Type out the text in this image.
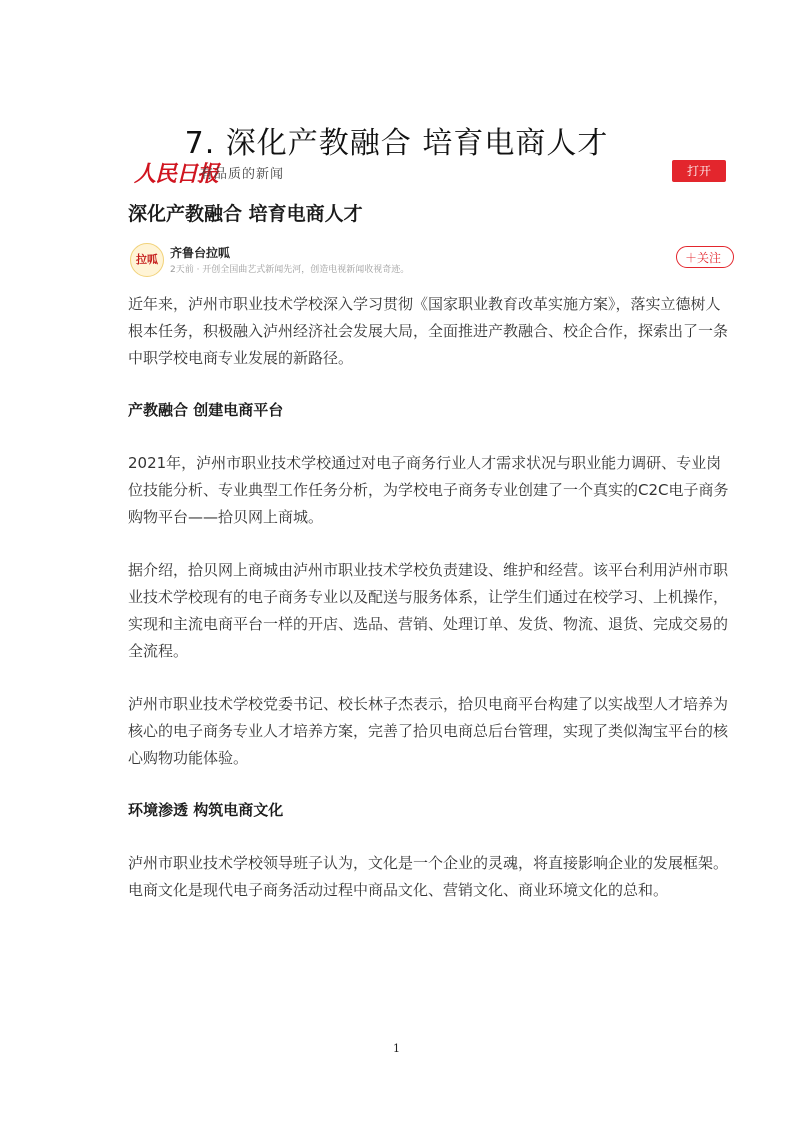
7. 深化产教融合 培育电商人才
人民日报
有品质的新闻	打开
深化产教融合 培育电商人才
拉呱	齐鲁台拉呱
2天前 · 开创全国曲艺式新闻先河，创造电视新闻收视奇迹。
＋关注
近年来，泸州市职业技术学校深入学习贯彻《国家职业教育改革实施方案》，落实立德树人
根本任务，积极融入泸州经济社会发展大局，全面推进产教融合、校企合作，探索出了一条
中职学校电商专业发展的新路径。
产教融合 创建电商平台
2021年，泸州市职业技术学校通过对电子商务行业人才需求状况与职业能力调研、专业岗
位技能分析、专业典型工作任务分析，为学校电子商务专业创建了一个真实的C2C电子商务
购物平台——拾贝网上商城。
据介绍，拾贝网上商城由泸州市职业技术学校负责建设、维护和经营。该平台利用泸州市职
业技术学校现有的电子商务专业以及配送与服务体系，让学生们通过在校学习、上机操作，
实现和主流电商平台一样的开店、选品、营销、处理订单、发货、物流、退货、完成交易的
全流程。
泸州市职业技术学校党委书记、校长林子杰表示，拾贝电商平台构建了以实战型人才培养为
核心的电子商务专业人才培养方案，完善了拾贝电商总后台管理，实现了类似淘宝平台的核
心购物功能体验。
环境渗透 构筑电商文化
泸州市职业技术学校领导班子认为，文化是一个企业的灵魂，将直接影响企业的发展框架。
电商文化是现代电子商务活动过程中商品文化、营销文化、商业环境文化的总和。
1
